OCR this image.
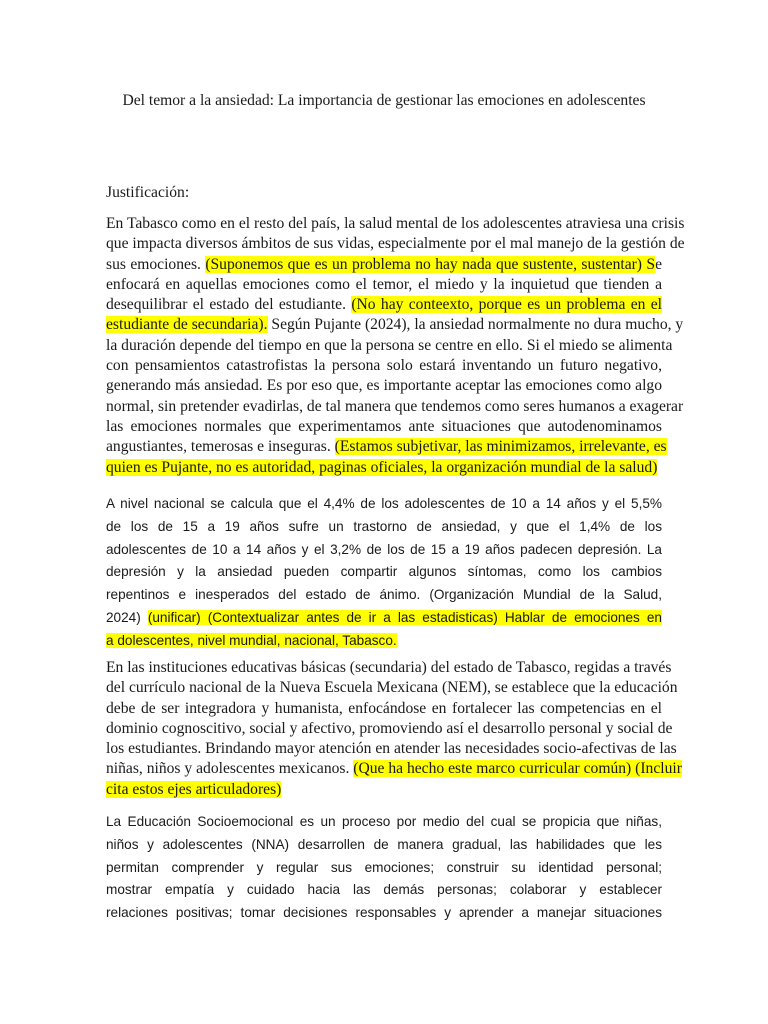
Del temor a la ansiedad: La importancia de gestionar las emociones en adolescentes
Justificación:
En Tabasco como en el resto del país, la salud mental de los adolescentes atraviesa una crisis
que impacta diversos ámbitos de sus vidas, especialmente por el mal manejo de la gestión de
sus emociones. (Suponemos que es un problema no hay nada que sustente, sustentar) Se
enfocará en aquellas emociones como el temor, el miedo y la inquietud que tienden a
desequilibrar el estado del estudiante. (No hay conteexto, porque es un problema en el
estudiante de secundaria). Según Pujante (2024), la ansiedad normalmente no dura mucho, y
la duración depende del tiempo en que la persona se centre en ello. Si el miedo se alimenta
con pensamientos catastrofistas la persona solo estará inventando un futuro negativo,
generando más ansiedad. Es por eso que, es importante aceptar las emociones como algo
normal, sin pretender evadirlas, de tal manera que tendemos como seres humanos a exagerar
las emociones normales que experimentamos ante situaciones que autodenominamos
angustiantes, temerosas e inseguras. (Estamos subjetivar, las minimizamos, irrelevante, es
quien es Pujante, no es autoridad, paginas oficiales, la organización mundial de la salud)
A nivel nacional se calcula que el 4,4% de los adolescentes de 10 a 14 años y el 5,5%
de los de 15 a 19 años sufre un trastorno de ansiedad, y que el 1,4% de los
adolescentes de 10 a 14 años y el 3,2% de los de 15 a 19 años padecen depresión. La
depresión y la ansiedad pueden compartir algunos síntomas, como los cambios
repentinos e inesperados del estado de ánimo. (Organización Mundial de la Salud,
2024) (unificar) (Contextualizar antes de ir a las estadisticas) Hablar de emociones en
a dolescentes, nivel mundial, nacional, Tabasco.
En las instituciones educativas básicas (secundaria) del estado de Tabasco, regidas a través
del currículo nacional de la Nueva Escuela Mexicana (NEM), se establece que la educación
debe de ser integradora y humanista, enfocándose en fortalecer las competencias en el
dominio cognoscitivo, social y afectivo, promoviendo así el desarrollo personal y social de
los estudiantes. Brindando mayor atención en atender las necesidades socio-afectivas de las
niñas, niños y adolescentes mexicanos. (Que ha hecho este marco curricular común) (Incluir
cita estos ejes articuladores)
La Educación Socioemocional es un proceso por medio del cual se propicia que niñas,
niños y adolescentes (NNA) desarrollen de manera gradual, las habilidades que les
permitan comprender y regular sus emociones; construir su identidad personal;
mostrar empatía y cuidado hacia las demás personas; colaborar y establecer
relaciones positivas; tomar decisiones responsables y aprender a manejar situaciones
